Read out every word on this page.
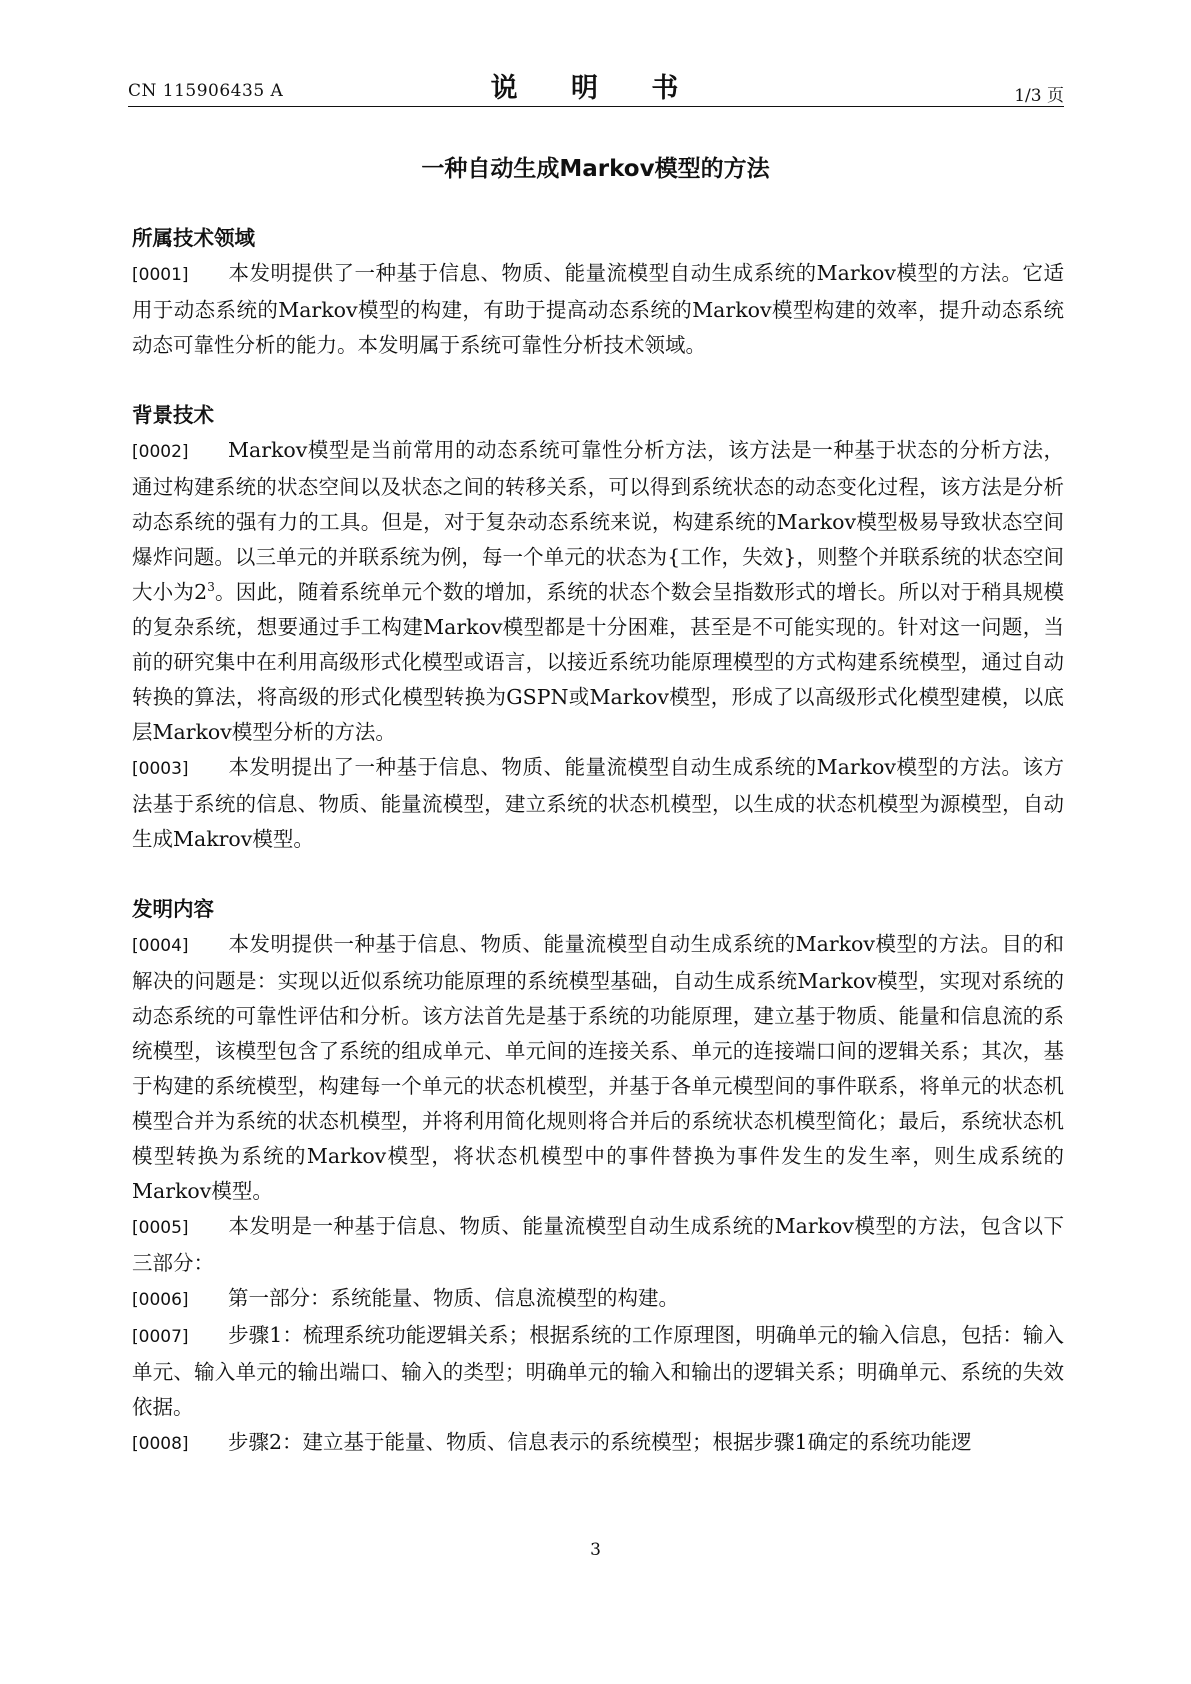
CN 115906435 A	说 明 书	1/3 页
一种自动生成Markov模型的方法
所属技术领域

[0001] 本发明提供了一种基于信息、物质、能量流模型自动生成系统的Markov模型的方法。它适用于动态系统的Markov模型的构建，有助于提高动态系统的Markov模型构建的效率，提升动态系统动态可靠性分析的能力。本发明属于系统可靠性分析技术领域。

背景技术

[0002] Markov模型是当前常用的动态系统可靠性分析方法，该方法是一种基于状态的分析方法，通过构建系统的状态空间以及状态之间的转移关系，可以得到系统状态的动态变化过程，该方法是分析动态系统的强有力的工具。但是，对于复杂动态系统来说，构建系统的Markov模型极易导致状态空间爆炸问题。以三单元的并联系统为例，每一个单元的状态为{工作，失效}，则整个并联系统的状态空间大小为$2^3$。因此，随着系统单元个数的增加，系统的状态个数会呈指数形式的增长。所以对于稍具规模的复杂系统，想要通过手工构建Markov模型都是十分困难，甚至是不可能实现的。针对这一问题，当前的研究集中在利用高级形式化模型或语言，以接近系统功能原理模型的方式构建系统模型，通过自动转换的算法，将高级的形式化模型转换为GSPN或Markov模型，形成了以高级形式化模型建模，以底层Markov模型分析的方法。

[0003] 本发明提出了一种基于信息、物质、能量流模型自动生成系统的Markov模型的方法。该方法基于系统的信息、物质、能量流模型，建立系统的状态机模型，以生成的状态机模型为源模型，自动生成Makrov模型。

发明内容

[0004] 本发明提供一种基于信息、物质、能量流模型自动生成系统的Markov模型的方法。目的和解决的问题是：实现以近似系统功能原理的系统模型基础，自动生成系统Markov模型，实现对系统的动态系统的可靠性评估和分析。该方法首先是基于系统的功能原理，建立基于物质、能量和信息流的系统模型，该模型包含了系统的组成单元、单元间的连接关系、单元的连接端口间的逻辑关系；其次，基于构建的系统模型，构建每一个单元的状态机模型，并基于各单元模型间的事件联系，将单元的状态机模型合并为系统的状态机模型，并将利用简化规则将合并后的系统状态机模型简化；最后，系统状态机模型转换为系统的Markov模型，将状态机模型中的事件替换为事件发生的发生率，则生成系统的Markov模型。

[0005] 本发明是一种基于信息、物质、能量流模型自动生成系统的Markov模型的方法，包含以下三部分：

[0006] 第一部分：系统能量、物质、信息流模型的构建。

[0007] 步骤1：梳理系统功能逻辑关系；根据系统的工作原理图，明确单元的输入信息，包括：输入单元、输入单元的输出端口、输入的类型；明确单元的输入和输出的逻辑关系；明确单元、系统的失效依据。

[0008] 步骤2：建立基于能量、物质、信息表示的系统模型；根据步骤1确定的系统功能逻

3
